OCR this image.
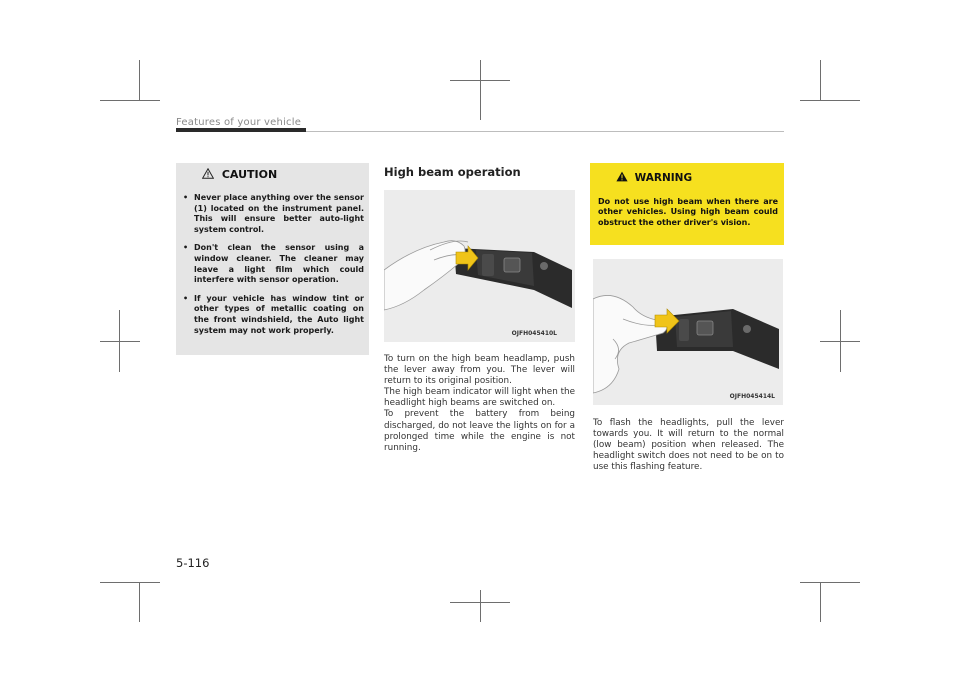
Features of your vehicle
CAUTION
• Never place anything over the sensor (1) located on the instrument panel. This will ensure better auto-light system control.
• Don't clean the sensor using a window cleaner. The cleaner may leave a light film which could interfere with sensor operation.
• If your vehicle has window tint or other types of metallic coating on the front windshield, the Auto light system may not work properly.
High beam operation
OJFH045410L
To turn on the high beam headlamp, push the lever away from you. The lever will return to its original position.
The high beam indicator will light when the headlight high beams are switched on.
To prevent the battery from being discharged, do not leave the lights on for a prolonged time while the engine is not running.
WARNING
Do not use high beam when there are other vehicles. Using high beam could obstruct the other driver's vision.
OJFH045414L
To flash the headlights, pull the lever towards you. It will return to the normal (low beam) position when released. The headlight switch does not need to be on to use this flashing feature.
5-116
